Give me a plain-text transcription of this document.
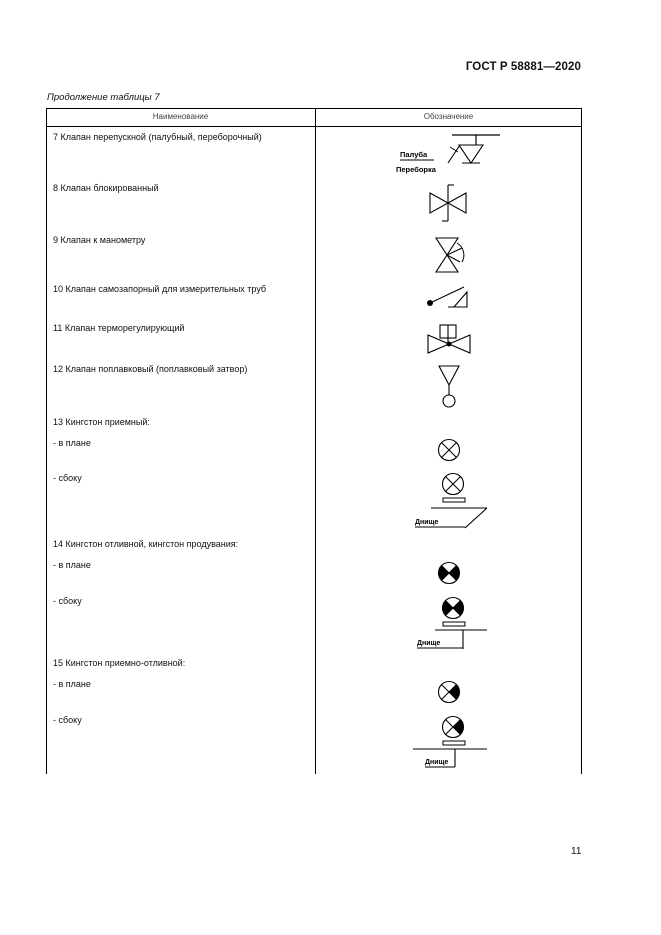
ГОСТ Р 58881—2020
Продолжение таблицы 7
Наименование	Обозначение
7 Клапан перепускной (палубный, переборочный)
8 Клапан блокированный
9 Клапан к манометру
10 Клапан самозапорный для измерительных труб
11 Клапан терморегулирующий
12 Клапан поплавковый (поплавковый затвор)
13 Кингстон приемный:
- в плане
- сбоку
14 Кингстон отливной, кингстон продувания:
- в плане
- сбоку
15 Кингстон приемно-отливной:
- в плане
- сбоку
Палуба
Переборка
Днище
Днище
Днище
11
